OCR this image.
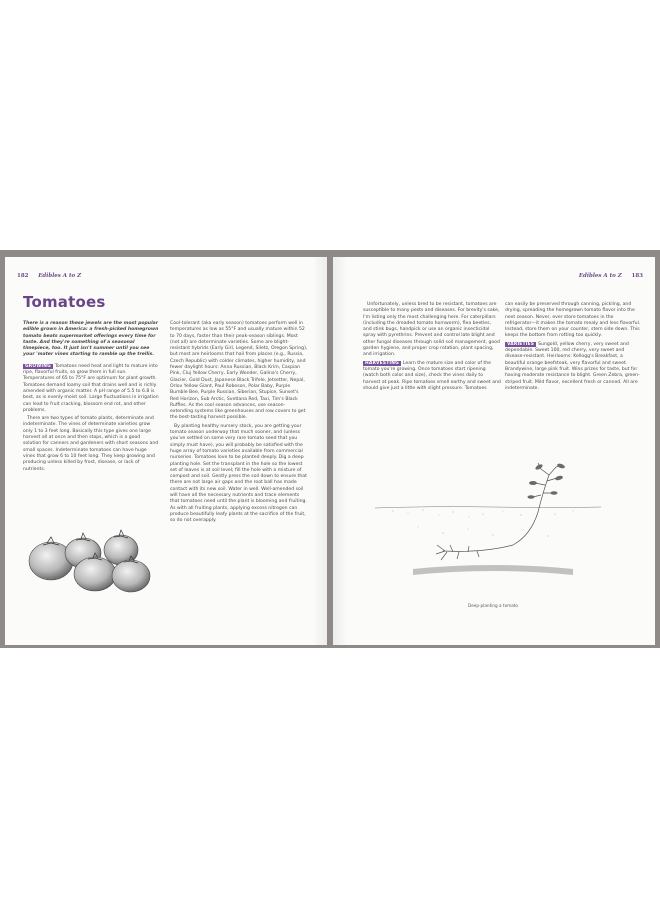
182 Edibles A to Z
Tomatoes

There is a reason these jewels are the most popular edible grown in America: a fresh-picked homegrown tomato beats supermarket offerings every time for taste. And they're something of a seasonal timepiece, too. It just isn't summer until you see your 'mater vines starting to ramble up the trellis.

GROWING Tomatoes need heat and light to mature into ripe, flavorful fruits, so grow them in full sun. Temperatures of 65 to 75°F are optimum for plant growth. Tomatoes demand loamy soil that drains well and is richly amended with organic matter. A pH range of 5.5 to 6.8 is best, as is evenly moist soil. Large fluctuations in irrigation can lead to fruit cracking, blossom end rot, and other problems.

There are two types of tomato plants, determinate and indeterminate. The vines of determinate varieties grow only 1 to 3 feet long. Basically this type gives one large harvest all at once and then stops, which is a good solution for canners and gardeners with short seasons and small spaces. Indeterminate tomatoes can have huge vines that grow 6 to 10 feet long. They keep growing and producing unless killed by frost, disease, or lack of nutrients.

Cool-tolerant (aka early season) tomatoes perform well in temperatures as low as 55°F and usually mature within 52 to 70 days, faster than their peak-season siblings. Most (not all) are determinate varieties. Some are blight-resistant hybrids (Early Girl, Legend, Siletz, Oregon Spring), but most are heirlooms that hail from places (e.g., Russia, Czech Republic) with colder climates, higher humidity, and fewer daylight hours: Anna Russian, Black Krim, Caspian Pink, Cluj Yellow Cherry, Early Wonder, Galina's Cherry, Glacier, Gold Dust, Japanese Black Trifele, Jetsetter, Nepal, Orlov Yellow Giant, Paul Robeson, Polar Baby, Purple Bumble Bee, Purple Russian, Siberian, Stupice, Sunset's Red Horizon, Sub Arctic, Svetlana Red, Taxi, Tim's Black Ruffles. As the cool season advances, use season-extending systems like greenhouses and row covers to get the best-tasting harvest possible.

By planting healthy nursery stock, you are getting your tomato season underway that much sooner, and (unless you've settled on some very rare tomato seed that you simply must have), you will probably be satisfied with the huge array of tomato varieties available from commercial nurseries. Tomatoes love to be planted deeply. Dig a deep planting hole. Set the transplant in the hole so the lowest set of leaves is at soil level; fill the hole with a mixture of compost and soil. Gently press the soil down to ensure that there are not large air gaps and the root ball has made contact with its new soil. Water in well. Well-amended soil will have all the necessary nutrients and trace elements that tomatoes need until the plant is blooming and fruiting. As with all fruiting plants, applying excess nitrogen can produce beautifully leafy plants at the sacrifice of the fruit, so do not overapply.

Edibles A to Z 183

Unfortunately, unless bred to be resistant, tomatoes are susceptible to many pests and diseases. For brevity's sake, I'm listing only the most challenging here. For caterpillars (including the dreaded tomato hornworm), flea beetles, and stink bugs, handpick or use an organic insecticidal spray with pyrethrins. Prevent and control late blight and other fungal diseases through solid soil management, good garden hygiene, and proper crop rotation, plant spacing, and irrigation.

HARVESTING Learn the mature size and color of the tomato you're growing. Once tomatoes start ripening (watch both color and size), check the vines daily to harvest at peak. Ripe tomatoes smell earthy and sweet and should give just a little with slight pressure. Tomatoes

can easily be preserved through canning, pickling, and drying, spreading the homegrown tomato flavor into the next season. Never, ever store tomatoes in the refrigerator—it makes the tomato mealy and less flavorful. Instead, store them on your counter, stem side down. This keeps the bottom from rotting too quickly.

VARIETIES Sungold, yellow cherry, very sweet and dependable. Sweet 100, red cherry, very sweet and disease-resistant. Heirlooms: Kellogg's Breakfast, a beautiful orange beefsteak, very flavorful and sweet. Brandywine, large pink fruit. Wins prizes for taste, but for having moderate resistance to blight. Green Zebra, green-striped fruit. Mild flavor, excellent fresh or canned. All are indeterminate.

Deep-planting a tomato
